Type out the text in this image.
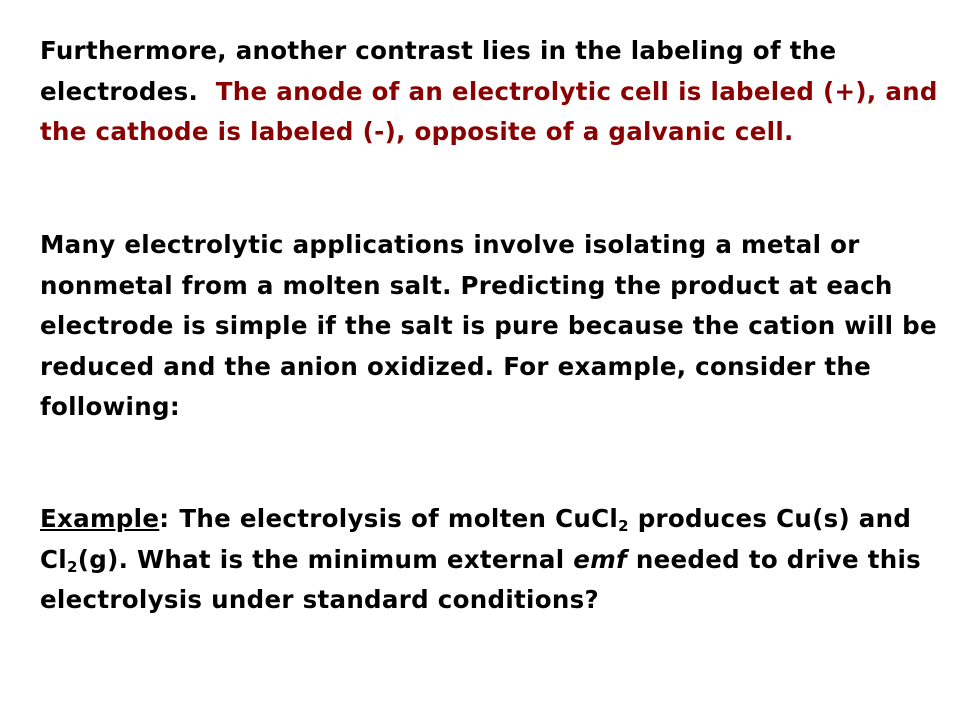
Furthermore, another contrast lies in the labeling of the electrodes. The anode of an electrolytic cell is labeled (+), and the cathode is labeled (-), opposite of a galvanic cell.

Many electrolytic applications involve isolating a metal or nonmetal from a molten salt. Predicting the product at each electrode is simple if the salt is pure because the cation will be reduced and the anion oxidized. For example, consider the following:

Example: The electrolysis of molten CuCl$_2$ produces Cu(s) and $Cl_2(g)$. What is the minimum external emf needed to drive this electrolysis under standard conditions?
